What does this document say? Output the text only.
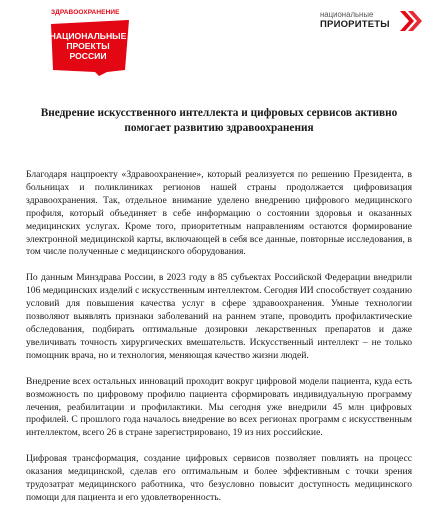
ЗДРАВООХРАНЕНИЕ
НАЦИОНАЛЬНЫЕ
ПРОЕКТЫ
РОССИИ
национальные
ПРИОРИТЕТЫ
Внедрение искусственного интеллекта и цифровых сервисов активно помогает развитию здравоохранения

Благодаря нацпроекту «Здравоохранение», который реализуется по решению Президента, в больницах и поликлиниках регионов нашей страны продолжается цифровизация здравоохранения. Так, отдельное внимание уделено внедрению цифрового медицинского профиля, который объединяет в себе информацию о состоянии здоровья и оказанных медицинских услугах. Кроме того, приоритетным направлениям остаются формирование электронной медицинской карты, включающей в себя все данные, повторные исследования, в том числе полученные с медицинского оборудования.

По данным Минздрава России, в 2023 году в 85 субъектах Российской Федерации внедрили 106 медицинских изделий с искусственным интеллектом. Сегодня ИИ способствует созданию условий для повышения качества услуг в сфере здравоохранения. Умные технологии позволяют выявлять признаки заболеваний на раннем этапе, проводить профилактические обследования, подбирать оптимальные дозировки лекарственных препаратов и даже увеличивать точность хирургических вмешательств. Искусственный интеллект – не только помощник врача, но и технология, меняющая качество жизни людей.

Внедрение всех остальных инноваций проходит вокруг цифровой модели пациента, куда есть возможность по цифровому профилю пациента сформировать индивидуальную программу лечения, реабилитации и профилактики. Мы сегодня уже внедрили 45 млн цифровых профилей. С прошлого года началось внедрение во всех регионах программ с искусственным интеллектом, всего 26 в стране зарегистрировано, 19 из них российские.

Цифровая трансформация, создание цифровых сервисов позволяет повлиять на процесс оказания медицинской, сделав его оптимальным и более эффективным с точки зрения трудозатрат медицинского работника, что безусловно повысит доступность медицинского помощи для пациента и его удовлетворенность.
